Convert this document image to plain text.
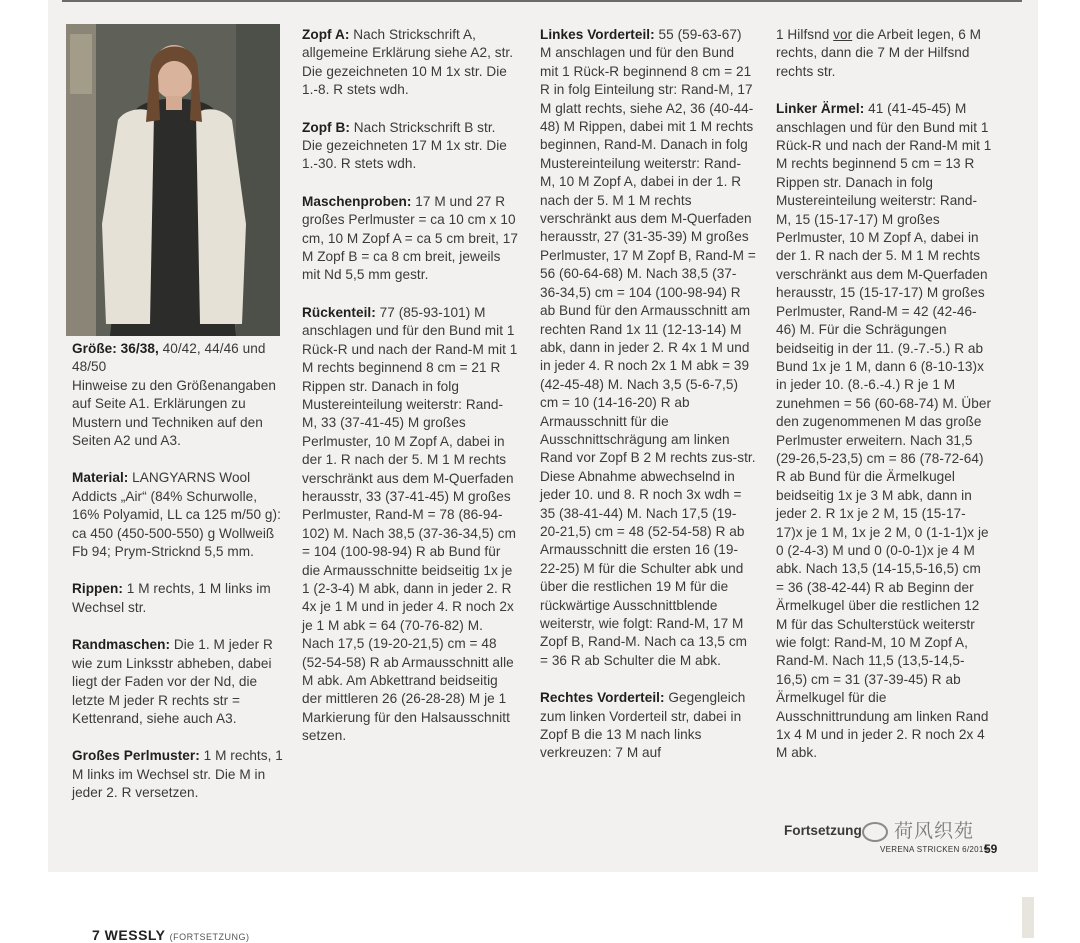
Größe: 36/38, 40/42, 44/46 und 48/50
Hinweise zu den Größenangaben auf Seite A1. Erklärungen zu Mustern und Techniken auf den Seiten A2 und A3.

Material: LANGYARNS Wool Addicts „Air“ (84% Schurwolle, 16% Polyamid, LL ca 125 m/50 g): ca 450 (450-500-550) g Wollweiß Fb 94; Prym-Stricknd 5,5 mm.

Rippen: 1 M rechts, 1 M links im Wechsel str.

Randmaschen: Die 1. M jeder R wie zum Linksstr abheben, dabei liegt der Faden vor der Nd, die letzte M jeder R rechts str = Kettenrand, siehe auch A3.

Großes Perlmuster: 1 M rechts, 1 M links im Wechsel str. Die M in jeder 2. R versetzen.

Zopf A: Nach Strickschrift A, allgemeine Erklärung siehe A2, str. Die gezeichneten 10 M 1x str. Die 1.-8. R stets wdh.

Zopf B: Nach Strickschrift B str. Die gezeichneten 17 M 1x str. Die 1.-30. R stets wdh.

Maschenproben: 17 M und 27 R großes Perlmuster = ca 10 cm x 10 cm, 10 M Zopf A = ca 5 cm breit, 17 M Zopf B = ca 8 cm breit, jeweils mit Nd 5,5 mm gestr.

Rückenteil: 77 (85-93-101) M anschlagen und für den Bund mit 1 Rück-R und nach der Rand-M mit 1 M rechts beginnend 8 cm = 21 R Rippen str. Danach in folg Mustereinteilung weiterstr: Rand-M, 33 (37-41-45) M großes Perlmuster, 10 M Zopf A, dabei in der 1. R nach der 5. M 1 M rechts verschränkt aus dem M-Querfaden herausstr, 33 (37-41-45) M großes Perlmuster, Rand-M = 78 (86-94-102) M. Nach 38,5 (37-36-34,5) cm = 104 (100-98-94) R ab Bund für die Armausschnitte beidseitig 1x je 1 (2-3-4) M abk, dann in jeder 2. R 4x je 1 M und in jeder 4. R noch 2x je 1 M abk = 64 (70-76-82) M. Nach 17,5 (19-20-21,5) cm = 48 (52-54-58) R ab Armausschnitt alle M abk. Am Abkettrand beidseitig der mittleren 26 (26-28-28) M je 1 Markierung für den Halsausschnitt setzen.

Linkes Vorderteil: 55 (59-63-67) M anschlagen und für den Bund mit 1 Rück-R beginnend 8 cm = 21 R in folg Einteilung str: Rand-M, 17 M glatt rechts, siehe A2, 36 (40-44-48) M Rippen, dabei mit 1 M rechts beginnen, Rand-M. Danach in folg Mustereinteilung weiterstr: Rand-M, 10 M Zopf A, dabei in der 1. R nach der 5. M 1 M rechts verschränkt aus dem M-Querfaden herausstr, 27 (31-35-39) M großes Perlmuster, 17 M Zopf B, Rand-M = 56 (60-64-68) M. Nach 38,5 (37-36-34,5) cm = 104 (100-98-94) R ab Bund für den Armausschnitt am rechten Rand 1x 11 (12-13-14) M abk, dann in jeder 2. R 4x 1 M und in jeder 4. R noch 2x 1 M abk = 39 (42-45-48) M. Nach 3,5 (5-6-7,5) cm = 10 (14-16-20) R ab Armausschnitt für die Ausschnittschrägung am linken Rand vor Zopf B 2 M rechts zus-str. Diese Abnahme abwechselnd in jeder 10. und 8. R noch 3x wdh = 35 (38-41-44) M. Nach 17,5 (19-20-21,5) cm = 48 (52-54-58) R ab Armausschnitt die ersten 16 (19-22-25) M für die Schulter abk und über die restlichen 19 M für die rückwärtige Ausschnittblende weiterstr, wie folgt: Rand-M, 17 M Zopf B, Rand-M. Nach ca 13,5 cm = 36 R ab Schulter die M abk.

Rechtes Vorderteil: Gegengleich zum linken Vorderteil str, dabei in Zopf B die 13 M nach links verkreuzen: 7 M auf

1 Hilfsnd vor die Arbeit legen, 6 M rechts, dann die 7 M der Hilfsnd rechts str.

Linker Ärmel: 41 (41-45-45) M anschlagen und für den Bund mit 1 Rück-R und nach der Rand-M mit 1 M rechts beginnend 5 cm = 13 R Rippen str. Danach in folg Mustereinteilung weiterstr: Rand-M, 15 (15-17-17) M großes Perlmuster, 10 M Zopf A, dabei in der 1. R nach der 5. M 1 M rechts verschränkt aus dem M-Querfaden herausstr, 15 (15-17-17) M großes Perlmuster, Rand-M = 42 (42-46-46) M. Für die Schrägungen beidseitig in der 11. (9.-7.-5.) R ab Bund 1x je 1 M, dann 6 (8-10-13)x in jeder 10. (8.-6.-4.) R je 1 M zunehmen = 56 (60-68-74) M. Über den zugenommenen M das große Perlmuster erweitern. Nach 31,5 (29-26,5-23,5) cm = 86 (78-72-64) R ab Bund für die Ärmelkugel beidseitig 1x je 3 M abk, dann in jeder 2. R 1x je 2 M, 15 (15-17-17)x je 1 M, 1x je 2 M, 0 (1-1-1)x je 0 (2-4-3) M und 0 (0-0-1)x je 4 M abk. Nach 13,5 (14-15,5-16,5) cm = 36 (38-42-44) R ab Beginn der Ärmelkugel über die restlichen 12 M für das Schulterstück weiterstr wie folgt: Rand-M, 10 M Zopf A, Rand-M. Nach 11,5 (13,5-14,5-16,5) cm = 31 (37-39-45) R ab Ärmelkugel für die Ausschnittrundung am linken Rand 1x 4 M und in jeder 2. R noch 2x 4 M abk.

Fortsetzung	荷风织苑
VERENA STRICKEN 6/2019
59
7 WESSLY (FORTSETZUNG)
